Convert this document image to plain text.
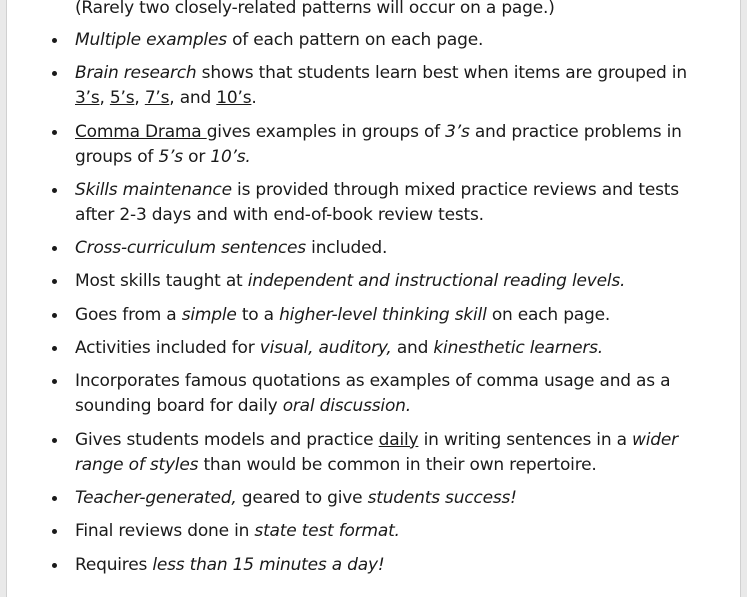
(Rarely two closely-related patterns will occur on a page.)

Multiple examples of each pattern on each page.
Brain research shows that students learn best when items are grouped in 3’s, 5’s, 7’s, and 10’s.
Comma Drama gives examples in groups of 3’s and practice problems in groups of 5’s or 10’s.
Skills maintenance is provided through mixed practice reviews and tests after 2-3 days and with end-of-book review tests.
Cross-curriculum sentences included.
Most skills taught at independent and instructional reading levels.
Goes from a simple to a higher-level thinking skill on each page.
Activities included for visual, auditory, and kinesthetic learners.
Incorporates famous quotations as examples of comma usage and as a sounding board for daily oral discussion.
Gives students models and practice daily in writing sentences in a wider range of styles than would be common in their own repertoire.
Teacher-generated, geared to give students success!
Final reviews done in state test format.
Requires less than 15 minutes a day!
